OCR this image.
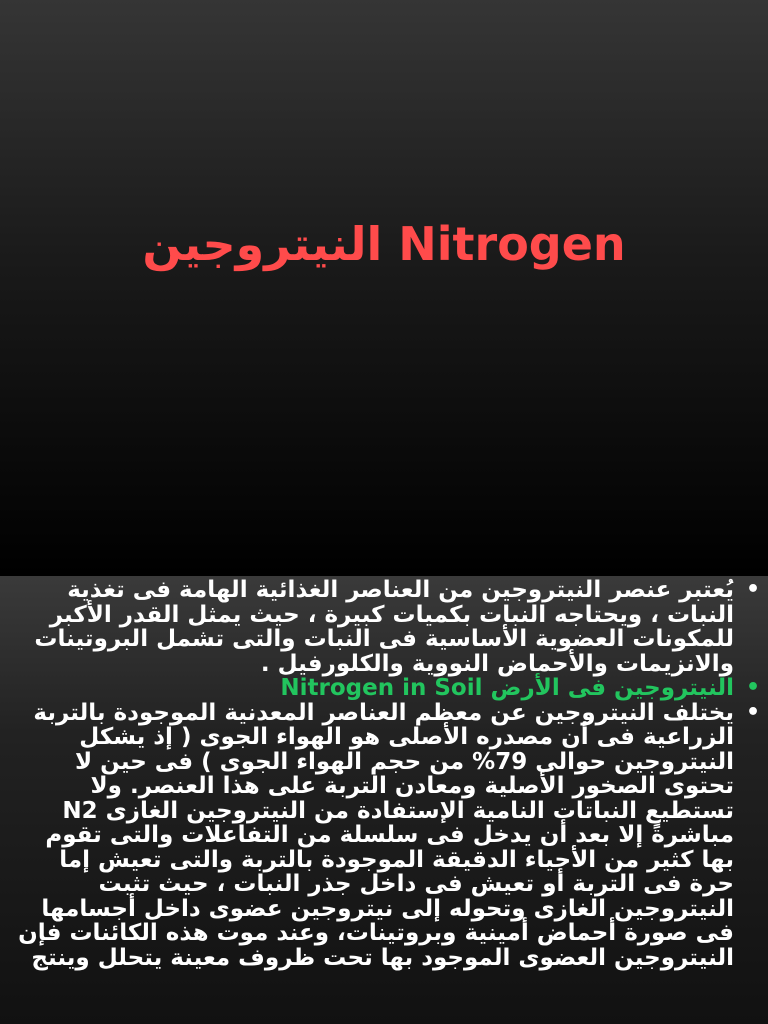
النيتروجين Nitrogen
•
يُعتبر عنصر النيتروجين من العناصر الغذائية الهامة فى تغذية النبات ، ويحتاجه النبات بكميات كبيرة ، حيث يمثل القدر الأكبر للمكونات العضوية الأساسية فى النبات والتى تشمل البروتينات والانزيمات والأحماض النووية والكلورفيل .
•
النيتروجين فى الأرض Nitrogen in Soil
•
يختلف النيتروجين عن معظم العناصر المعدنية الموجودة بالتربة الزراعية فى أن مصدره الأصلى هو الهواء الجوى ( إذ يشكل النيتروجين حوالى 79% من حجم الهواء الجوى ) فى حين لا تحتوى الصخور الأصلية ومعادن التربة على هذا العنصر. ولا تستطيع النباتات النامية الإستفادة من النيتروجين الغازى N2 مباشرةً إلا بعد أن يدخل فى سلسلة من التفاعلات والتى تقوم بها كثير من الأحياء الدقيقة الموجودة بالتربة والتى تعيش إما حرة فى التربة أو تعيش فى داخل جذر النبات ، حيث تثبت النيتروجين الغازى وتحوله إلى نيتروجين عضوى داخل أجسامها فى صورة أحماض أمينية وبروتينات، وعند موت هذه الكائنات فإن النيتروجين العضوى الموجود بها تحت ظروف معينة يتحلل وينتج
